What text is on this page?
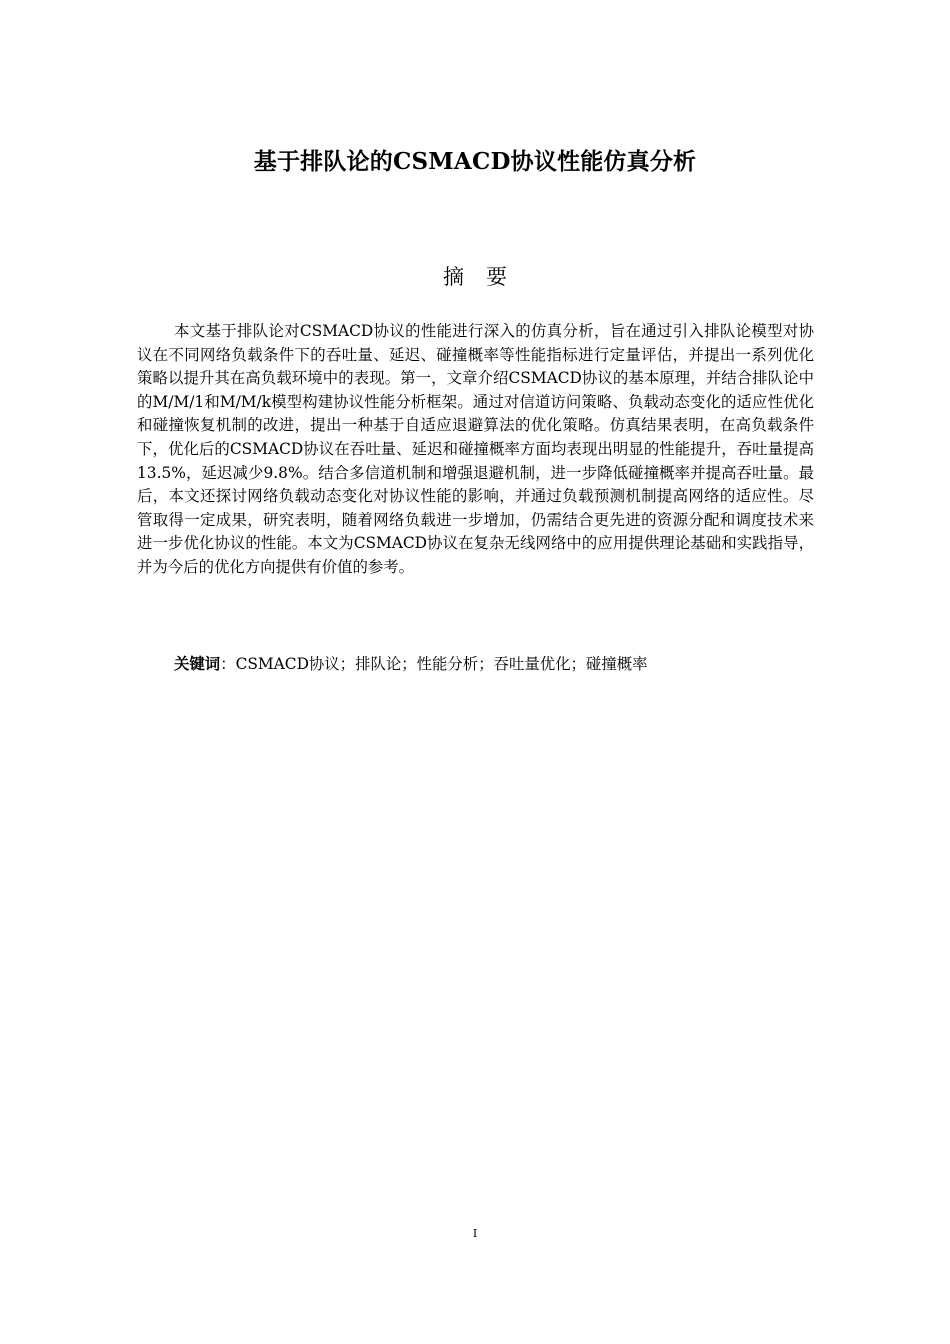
基于排队论的CSMACD协议性能仿真分析
摘要

本文基于排队论对CSMACD协议的性能进行深入的仿真分析，旨在通过引入排队论模型对协议在不同网络负载条件下的吞吐量、延迟、碰撞概率等性能指标进行定量评估，并提出一系列优化策略以提升其在高负载环境中的表现。第一，文章介绍CSMACD协议的基本原理，并结合排队论中的M/M/1和M/M/k模型构建协议性能分析框架。通过对信道访问策略、负载动态变化的适应性优化和碰撞恢复机制的改进，提出一种基于自适应退避算法的优化策略。仿真结果表明，在高负载条件下，优化后的CSMACD协议在吞吐量、延迟和碰撞概率方面均表现出明显的性能提升，吞吐量提高13.5%，延迟减少9.8%。结合多信道机制和增强退避机制，进一步降低碰撞概率并提高吞吐量。最后，本文还探讨网络负载动态变化对协议性能的影响，并通过负载预测机制提高网络的适应性。尽管取得一定成果，研究表明，随着网络负载进一步增加，仍需结合更先进的资源分配和调度技术来进一步优化协议的性能。本文为CSMACD协议在复杂无线网络中的应用提供理论基础和实践指导，并为今后的优化方向提供有价值的参考。

关键词：CSMACD协议；排队论；性能分析；吞吐量优化；碰撞概率

I
